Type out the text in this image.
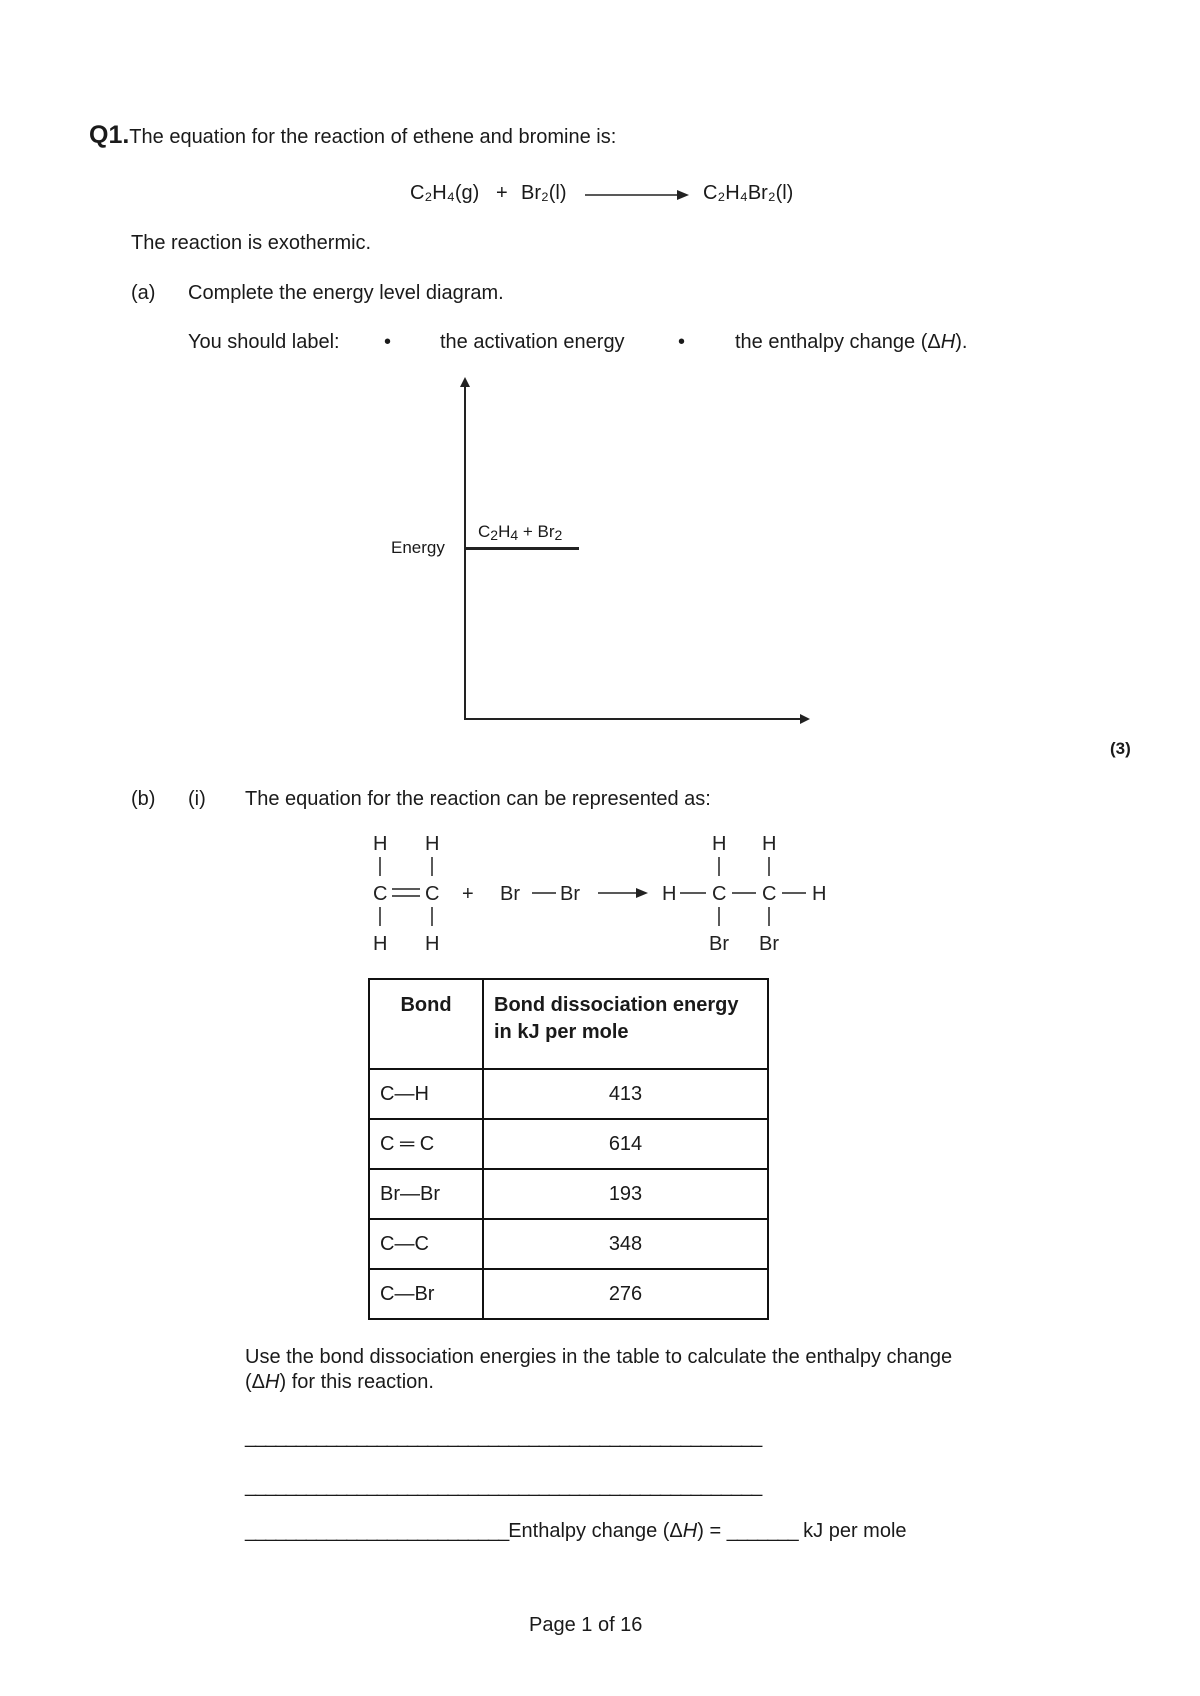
Q1.The equation for the reaction of ethene and bromine is:
C₂H₄(g) + Br₂(l)	C₂H₄Br₂(l)
The reaction is exothermic.
(a) Complete the energy level diagram.
You should label: • the activation energy	• the enthalpy change (ΔH).
Energy
$C_2H_4 + Br_2$
(3)
(b) (i) The equation for the reaction can be represented as:
H H
C C
H H
+ Br Br
H H
H C C H
Br Br
Bond	Bond dissociation energy in kJ per mole
C—H	413
C ═ C	614
Br—Br	193
C—C	348
C—Br	276
Use the bond dissociation energies in the table to calculate the enthalpy change
(ΔH) for this reaction.
___________________________________________________
___________________________________________________
__________________________Enthalpy change (ΔH) = _______ kJ per mole
Page 1 of 16
